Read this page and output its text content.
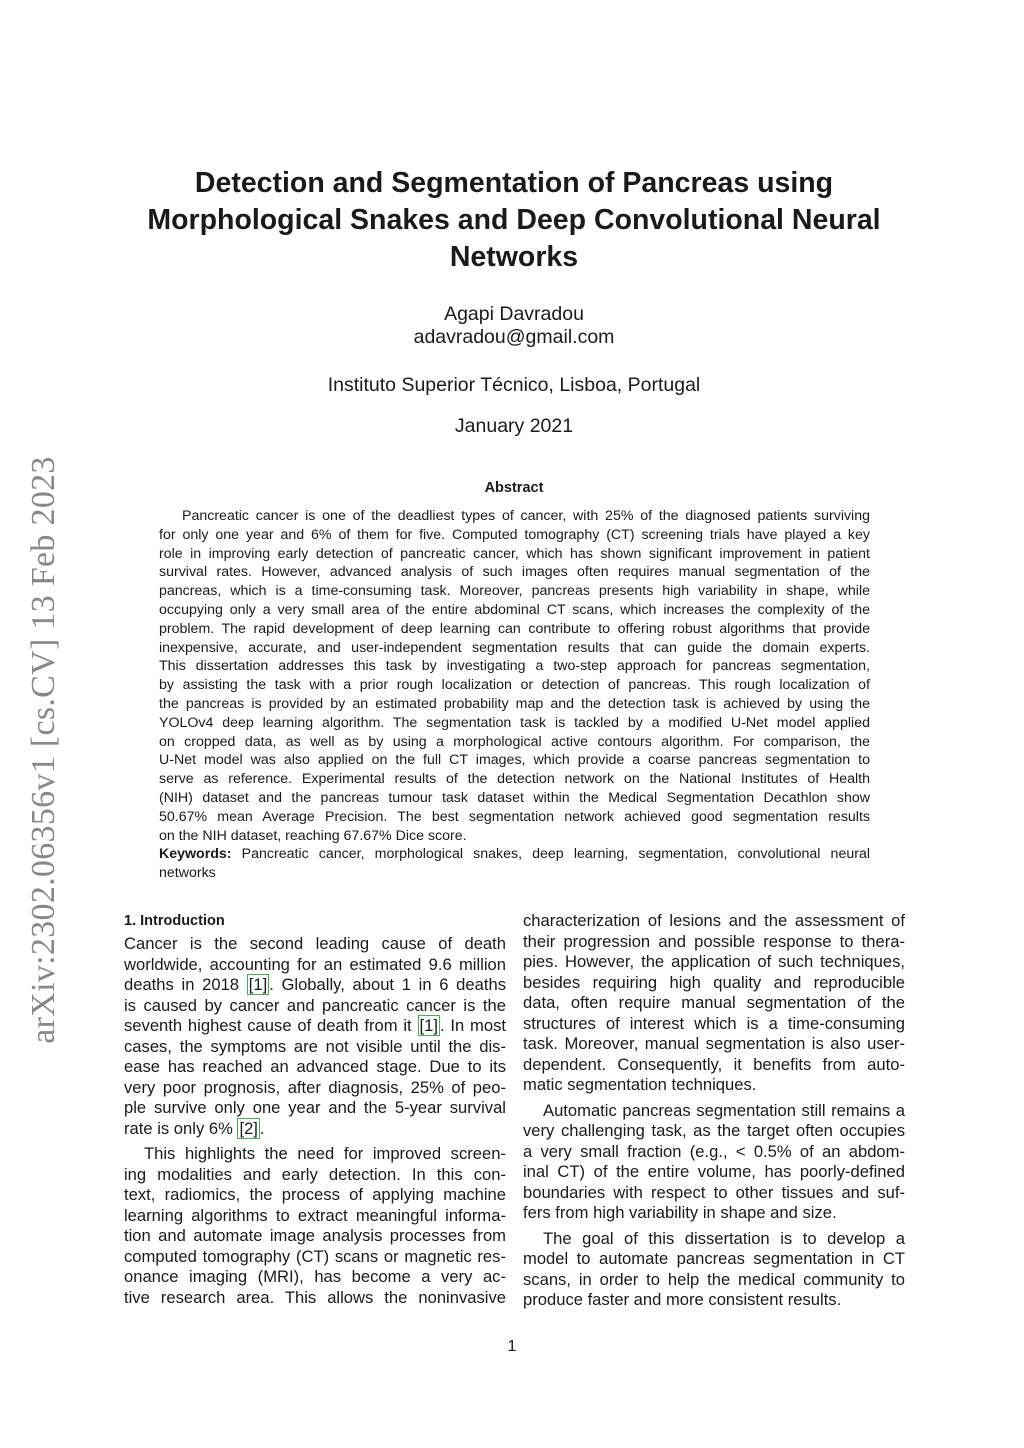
arXiv:2302.06356v1 [cs.CV] 13 Feb 2023
Detection and Segmentation of Pancreas using
Morphological Snakes and Deep Convolutional Neural
Networks

Agapi Davradou

adavradou@gmail.com

Instituto Superior Técnico, Lisboa, Portugal

January 2021

Abstract

Pancreatic cancer is one of the deadliest types of cancer, with 25% of the diagnosed patients surviving
for only one year and 6% of them for five. Computed tomography (CT) screening trials have played a key
role in improving early detection of pancreatic cancer, which has shown significant improvement in patient
survival rates. However, advanced analysis of such images often requires manual segmentation of the
pancreas, which is a time-consuming task. Moreover, pancreas presents high variability in shape, while
occupying only a very small area of the entire abdominal CT scans, which increases the complexity of the
problem. The rapid development of deep learning can contribute to offering robust algorithms that provide
inexpensive, accurate, and user-independent segmentation results that can guide the domain experts.
This dissertation addresses this task by investigating a two-step approach for pancreas segmentation,
by assisting the task with a prior rough localization or detection of pancreas. This rough localization of
the pancreas is provided by an estimated probability map and the detection task is achieved by using the
YOLOv4 deep learning algorithm. The segmentation task is tackled by a modified U-Net model applied
on cropped data, as well as by using a morphological active contours algorithm. For comparison, the
U-Net model was also applied on the full CT images, which provide a coarse pancreas segmentation to
serve as reference. Experimental results of the detection network on the National Institutes of Health
(NIH) dataset and the pancreas tumour task dataset within the Medical Segmentation Decathlon show
50.67% mean Average Precision. The best segmentation network achieved good segmentation results
on the NIH dataset, reaching 67.67% Dice score.
Keywords: Pancreatic cancer, morphological snakes, deep learning, segmentation, convolutional neural
networks
1. Introduction
Cancer is the second leading cause of death
worldwide, accounting for an estimated 9.6 million
deaths in 2018 [1] . Globally, about 1 in 6 deaths
is caused by cancer and pancreatic cancer is the
seventh highest cause of death from it [1] . In most
cases, the symptoms are not visible until the dis-
ease has reached an advanced stage. Due to its
very poor prognosis, after diagnosis, 25% of peo-
ple survive only one year and the 5-year survival
rate is only 6% [2] .
This highlights the need for improved screen-
ing modalities and early detection. In this con-
text, radiomics, the process of applying machine
learning algorithms to extract meaningful informa-
tion and automate image analysis processes from
computed tomography (CT) scans or magnetic res-
onance imaging (MRI), has become a very ac-
tive research area. This allows the noninvasive
characterization of lesions and the assessment of
their progression and possible response to thera-
pies. However, the application of such techniques,
besides requiring high quality and reproducible
data, often require manual segmentation of the
structures of interest which is a time-consuming
task. Moreover, manual segmentation is also user-
dependent. Consequently, it benefits from auto-
matic segmentation techniques.
Automatic pancreas segmentation still remains a
very challenging task, as the target often occupies
a very small fraction (e.g., < 0.5% of an abdom-
inal CT) of the entire volume, has poorly-defined
boundaries with respect to other tissues and suf-
fers from high variability in shape and size.
The goal of this dissertation is to develop a
model to automate pancreas segmentation in CT
scans, in order to help the medical community to
produce faster and more consistent results.

1
